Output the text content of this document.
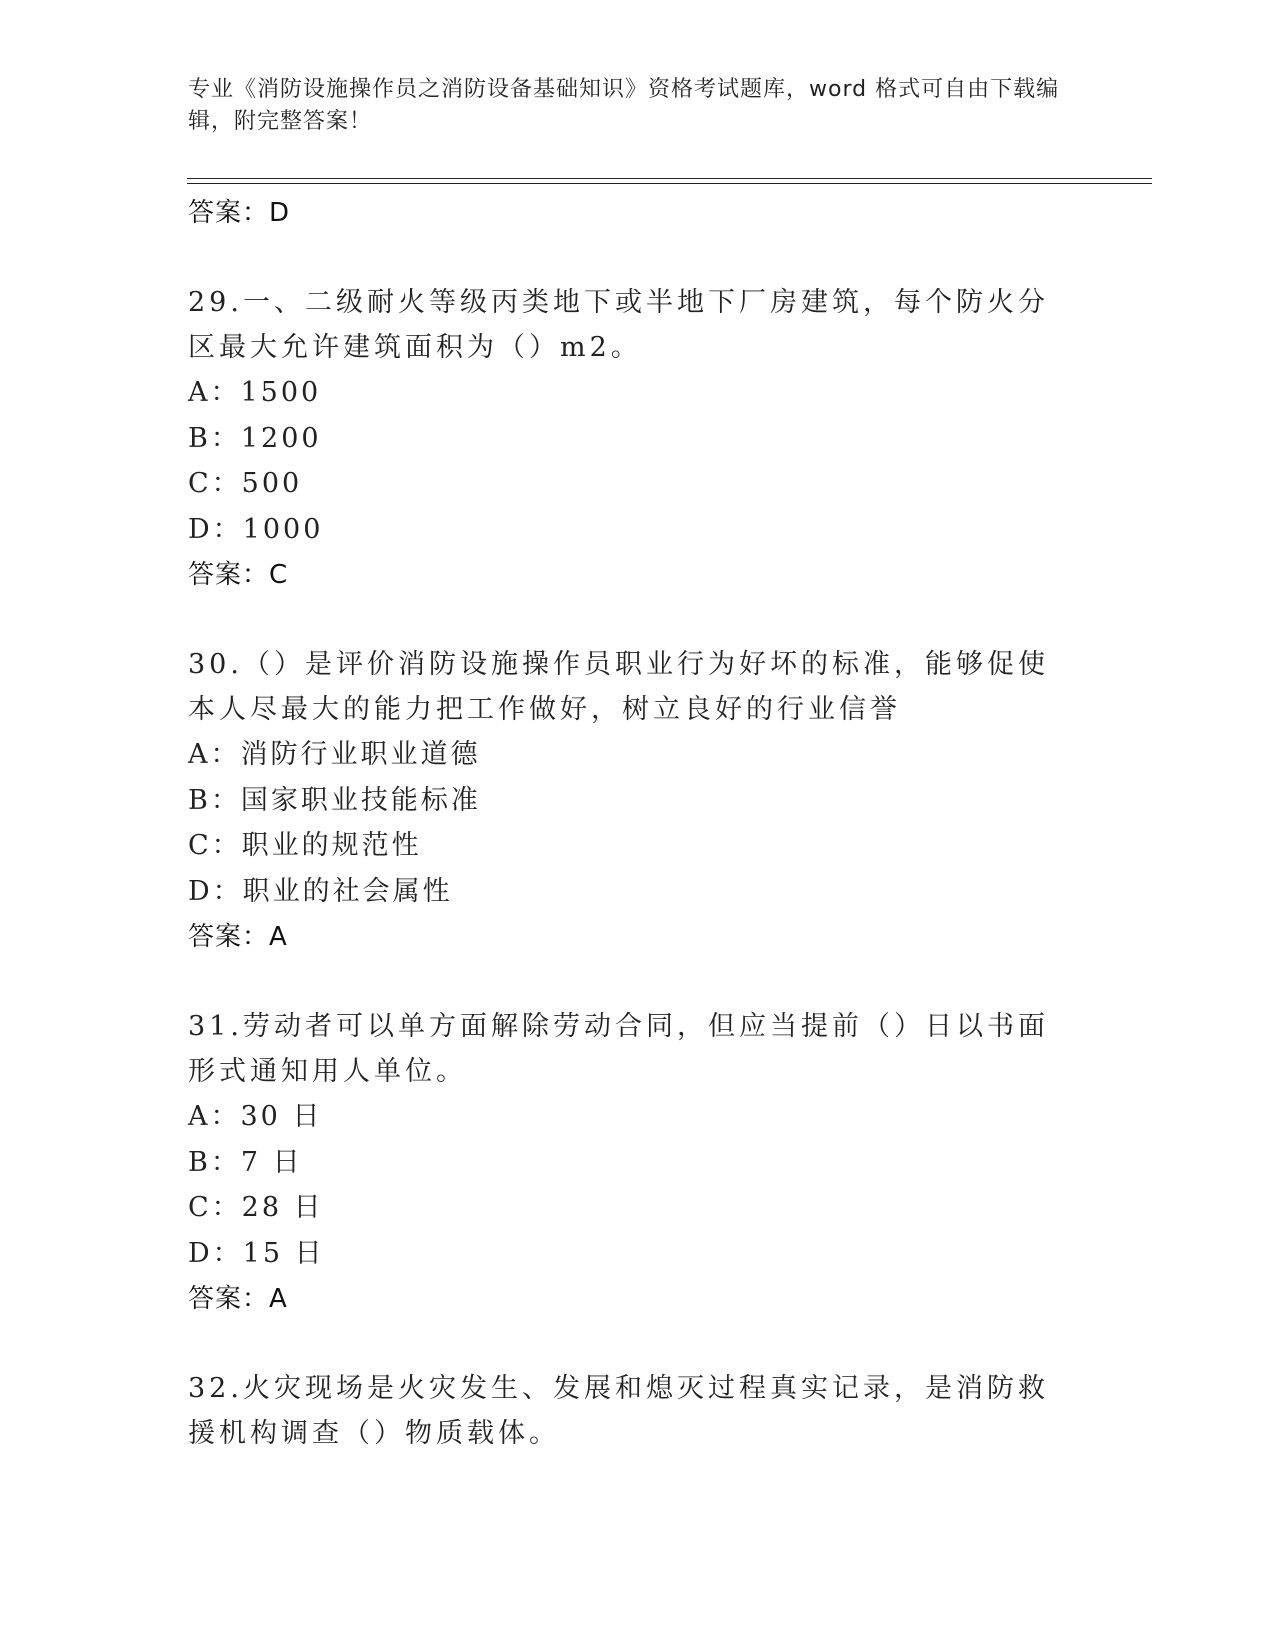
专业《消防设施操作员之消防设备基础知识》资格考试题库，word 格式可自由下载编辑，附完整答案！
答案：D
29.一、二级耐火等级丙类地下或半地下厂房建筑，每个防火分区最大允许建筑面积为（）m2。
A：1500
B：1200
C：500
D：1000
答案：C
30.（）是评价消防设施操作员职业行为好坏的标准，能够促使本人尽最大的能力把工作做好，树立良好的行业信誉
A：消防行业职业道德
B：国家职业技能标准
C：职业的规范性
D：职业的社会属性
答案：A
31.劳动者可以单方面解除劳动合同，但应当提前（）日以书面形式通知用人单位。
A：30 日
B：7 日
C：28 日
D：15 日
答案：A
32.火灾现场是火灾发生、发展和熄灭过程真实记录，是消防救援机构调查（）物质载体。
